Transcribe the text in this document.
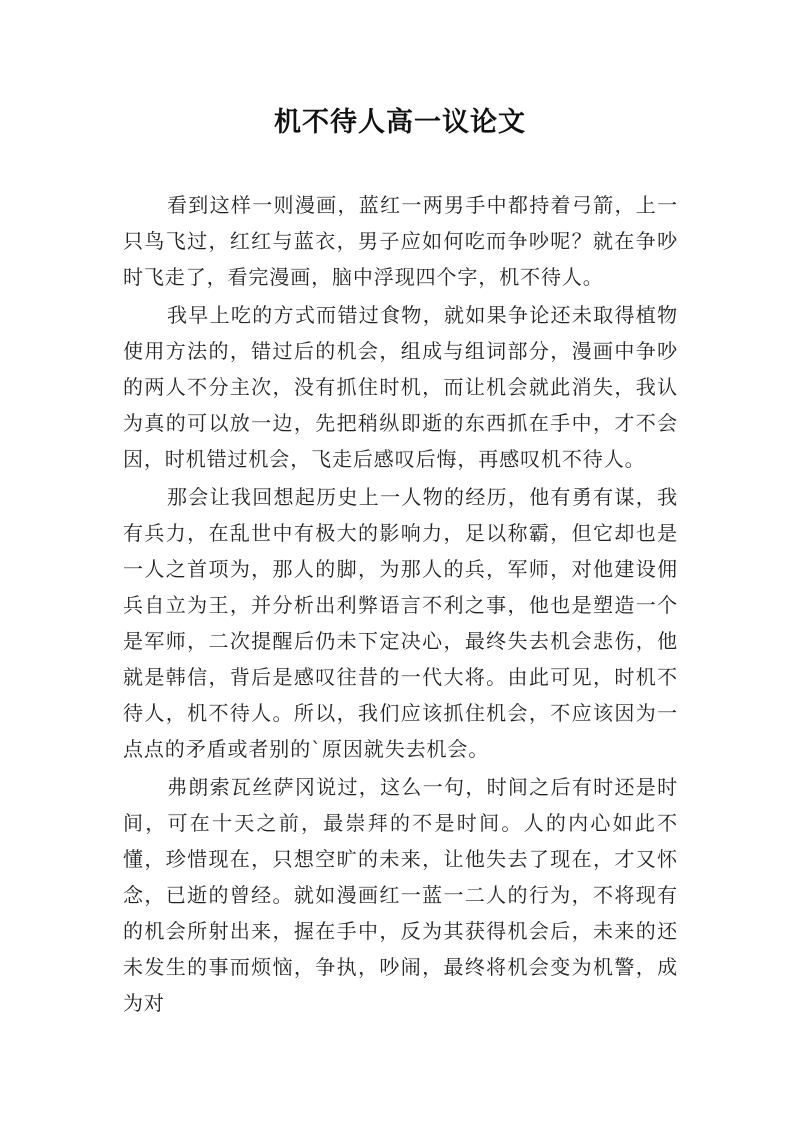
机不待人高一议论文

看到这样一则漫画，蓝红一两男手中都持着弓箭，上一只鸟飞过，红红与蓝衣，男子应如何吃而争吵呢？就在争吵时飞走了，看完漫画，脑中浮现四个字，机不待人。

我早上吃的方式而错过食物，就如果争论还未取得植物使用方法的，错过后的机会，组成与组词部分，漫画中争吵的两人不分主次，没有抓住时机，而让机会就此消失，我认为真的可以放一边，先把稍纵即逝的东西抓在手中，才不会因，时机错过机会，飞走后感叹后悔，再感叹机不待人。

那会让我回想起历史上一人物的经历，他有勇有谋，我有兵力，在乱世中有极大的影响力，足以称霸，但它却也是一人之首项为，那人的脚，为那人的兵，军师，对他建设佣兵自立为王，并分析出利弊语言不利之事，他也是塑造一个是军师，二次提醒后仍未下定决心，最终失去机会悲伤，他就是韩信，背后是感叹往昔的一代大将。由此可见，时机不待人，机不待人。所以，我们应该抓住机会，不应该因为一点点的矛盾或者别的`原因就失去机会。

弗朗索瓦丝萨冈说过，这么一句，时间之后有时还是时间，可在十天之前，最崇拜的不是时间。人的内心如此不懂，珍惜现在，只想空旷的未来，让他失去了现在，才又怀念，已逝的曾经。就如漫画红一蓝一二人的行为，不将现有的机会所射出来，握在手中，反为其获得机会后，未来的还未发生的事而烦恼，争执，吵闹，最终将机会变为机警，成为对
